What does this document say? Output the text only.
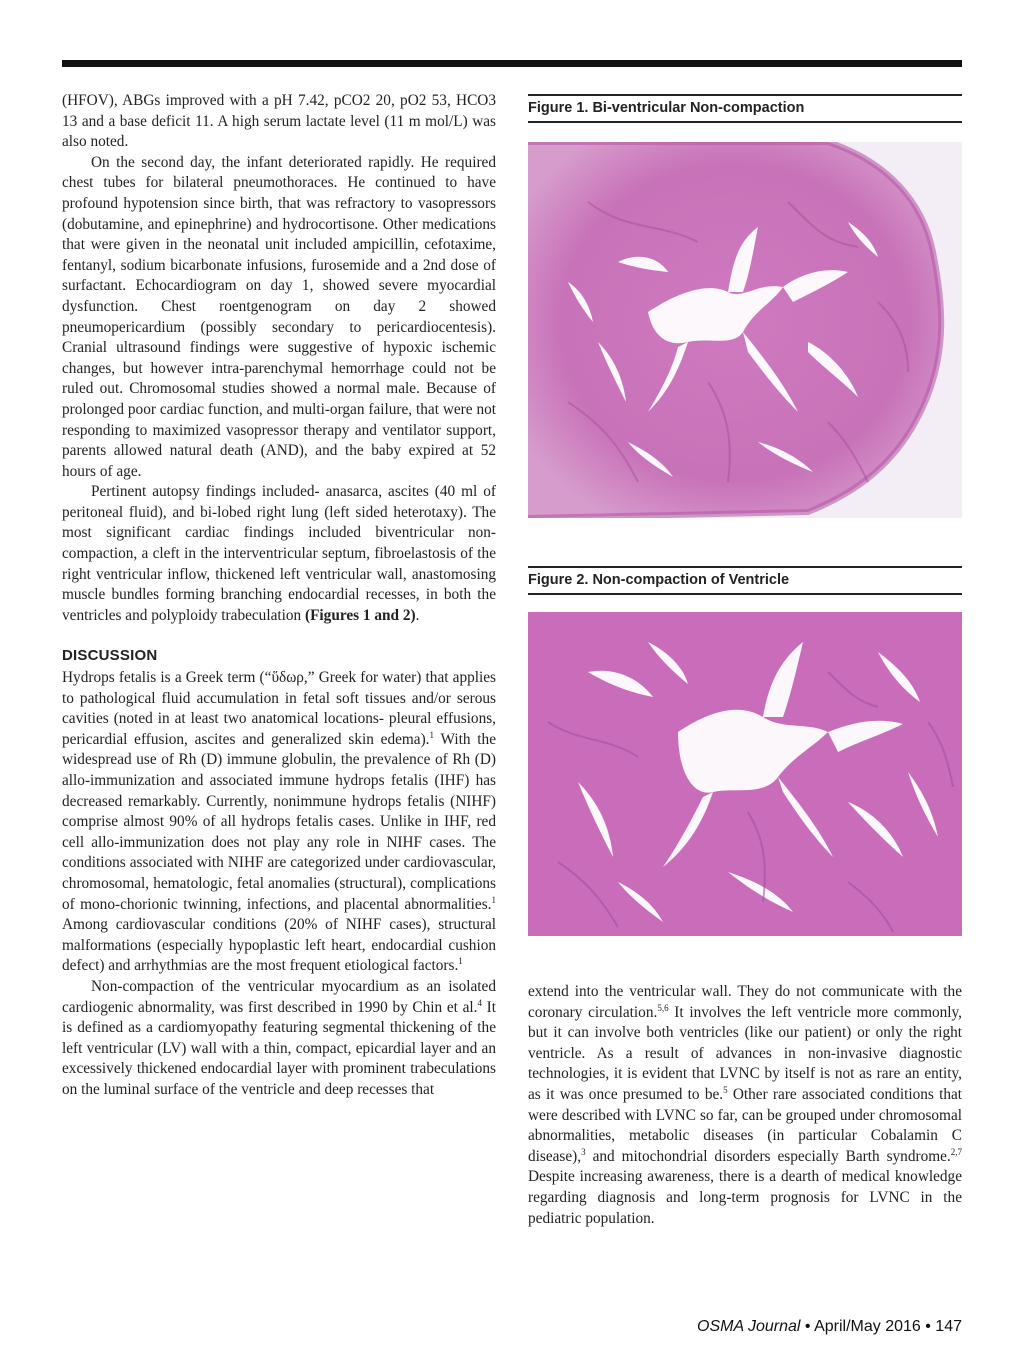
(HFOV), ABGs improved with a pH 7.42, pCO2 20, pO2 53, HCO3 13 and a base deficit 11. A high serum lactate level (11 m mol/L) was also noted.

On the second day, the infant deteriorated rapidly. He required chest tubes for bilateral pneumothoraces. He continued to have profound hypotension since birth, that was refractory to vasopressors (dobutamine, and epinephrine) and hydrocortisone. Other medications that were given in the neonatal unit included ampicillin, cefotaxime, fentanyl, sodium bicarbonate infusions, furosemide and a 2nd dose of surfactant. Echocardiogram on day 1, showed severe myocardial dysfunction. Chest roentgenogram on day 2 showed pneumopericardium (possibly secondary to pericardiocentesis). Cranial ultrasound findings were suggestive of hypoxic ischemic changes, but however intra-parenchymal hemorrhage could not be ruled out. Chromosomal studies showed a normal male. Because of prolonged poor cardiac function, and multi-organ failure, that were not responding to maximized vasopressor therapy and ventilator support, parents allowed natural death (AND), and the baby expired at 52 hours of age.

Pertinent autopsy findings included- anasarca, ascites (40 ml of peritoneal fluid), and bi-lobed right lung (left sided heterotaxy). The most significant cardiac findings included biventricular non-compaction, a cleft in the interventricular septum, fibroelastosis of the right ventricular inflow, thickened left ventricular wall, anastomosing muscle bundles forming branching endocardial recesses, in both the ventricles and polyploidy trabeculation (Figures 1 and 2).

DISCUSSION

Hydrops fetalis is a Greek term (“ὕδωρ,” Greek for water) that applies to pathological fluid accumulation in fetal soft tissues and/or serous cavities (noted in at least two anatomical locations- pleural effusions, pericardial effusion, ascites and generalized skin edema).$^1$ With the widespread use of Rh (D) immune globulin, the prevalence of Rh (D) allo-immunization and associated immune hydrops fetalis (IHF) has decreased remarkably. Currently, nonimmune hydrops fetalis (NIHF) comprise almost 90% of all hydrops fetalis cases. Unlike in IHF, red cell allo-immunization does not play any role in NIHF cases. The conditions associated with NIHF are categorized under cardiovascular, chromosomal, hematologic, fetal anomalies (structural), complications of mono-chorionic twinning, infections, and placental abnormalities.$^1$ Among cardiovascular conditions (20% of NIHF cases), structural malformations (especially hypoplastic left heart, endocardial cushion defect) and arrhythmias are the most frequent etiological factors.$^1$

Non-compaction of the ventricular myocardium as an isolated cardiogenic abnormality, was first described in 1990 by Chin et al.$^4$ It is defined as a cardiomyopathy featuring segmental thickening of the left ventricular (LV) wall with a thin, compact, epicardial layer and an excessively thickened endocardial layer with prominent trabeculations on the luminal surface of the ventricle and deep recesses that

Figure 1. Bi-ventricular Non-compaction
Figure 2. Non-compaction of Ventricle

extend into the ventricular wall. They do not communicate with the coronary circulation.$^{5,6}$ It involves the left ventricle more commonly, but it can involve both ventricles (like our patient) or only the right ventricle. As a result of advances in non-invasive diagnostic technologies, it is evident that LVNC by itself is not as rare an entity, as it was once presumed to be.$^5$ Other rare associated conditions that were described with LVNC so far, can be grouped under chromosomal abnormalities, metabolic diseases (in particular Cobalamin C disease),$^3$ and mitochondrial disorders especially Barth syndrome.$^{2,7}$ Despite increasing awareness, there is a dearth of medical knowledge regarding diagnosis and long-term prognosis for LVNC in the pediatric population.

OSMA Journal • April/May 2016 • 147
